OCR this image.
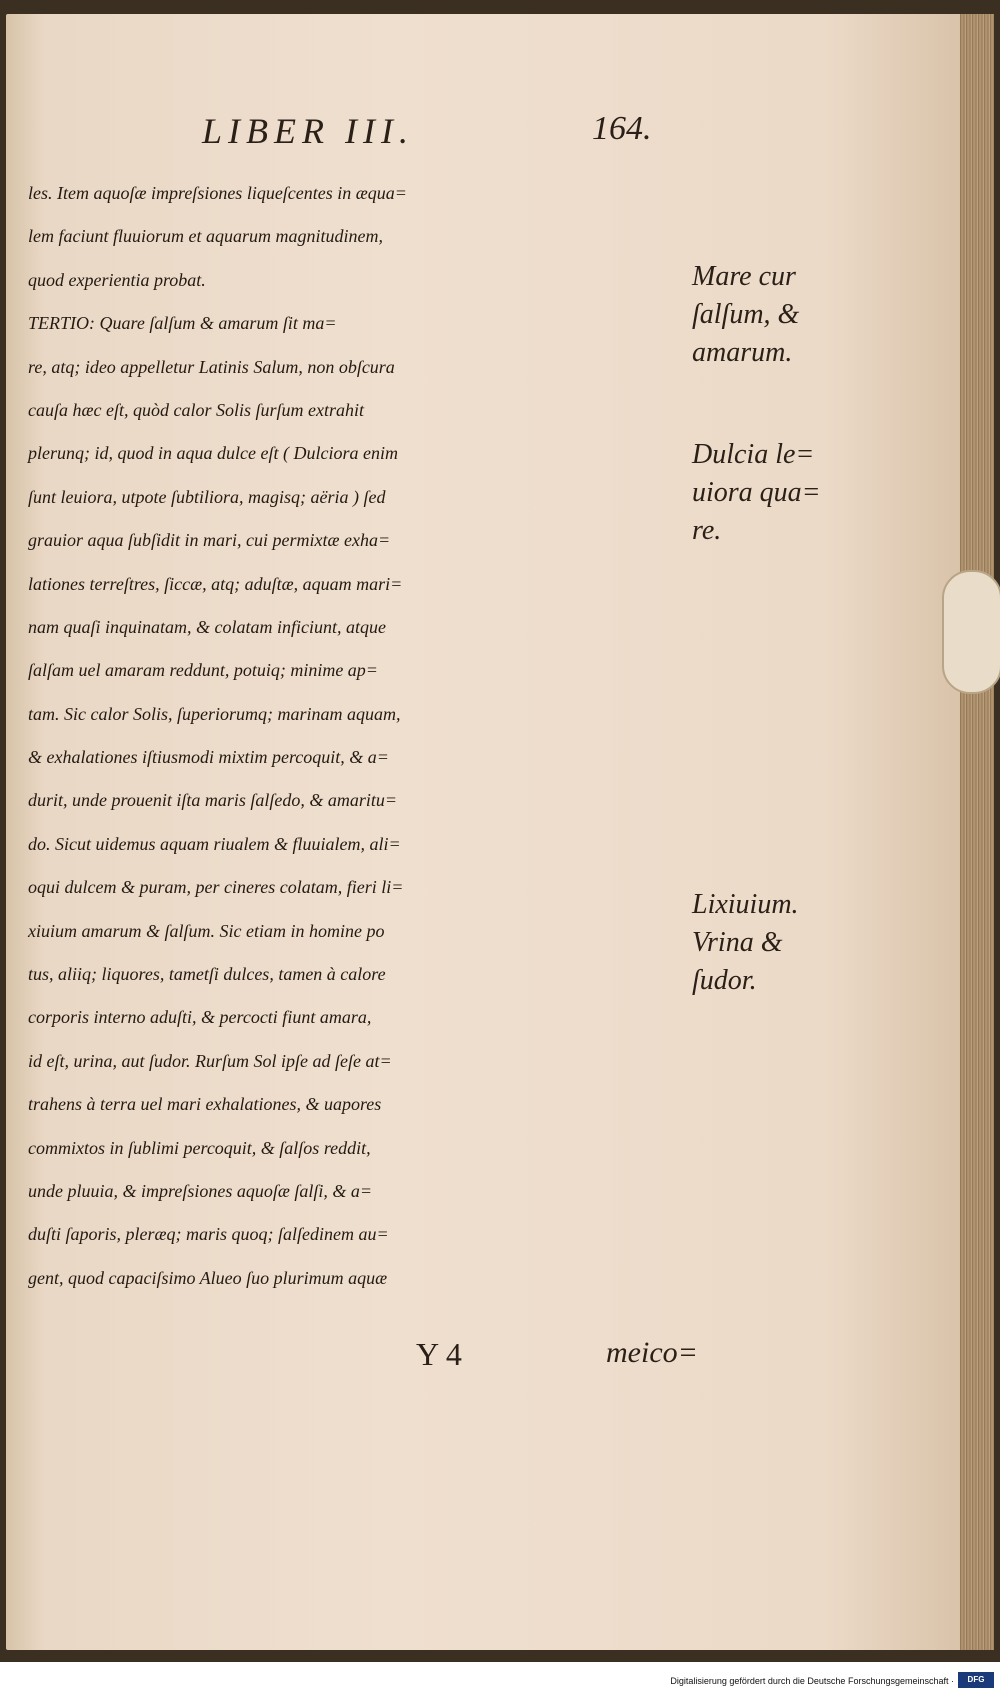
LIBER III.	164.
les. Item aquoſæ impreſsiones liqueſcentes in æqua=
lem faciunt fluuiorum et aquarum magnitudinem,
quod experientia probat.
TERTIO: Quare ſalſum & amarum ſit ma=
re, atq; ideo appelletur Latinis Salum, non obſcura
cauſa hæc eſt, quòd calor Solis ſurſum extrahit
plerunq; id, quod in aqua dulce eſt ( Dulciora enim
ſunt leuiora, utpote ſubtiliora, magisq; aëria ) ſed
grauior aqua ſubſidit in mari, cui permixtæ exha=
lationes terreſtres, ſiccæ, atq; aduſtæ, aquam mari=
nam quaſi inquinatam, & colatam inficiunt, atque
ſalſam uel amaram reddunt, potuiq; minime ap=
tam. Sic calor Solis, ſuperiorumq; marinam aquam,
& exhalationes iſtiusmodi mixtim percoquit, & a=
durit, unde prouenit iſta maris ſalſedo, & amaritu=
do. Sicut uidemus aquam riualem & fluuialem, ali=
oqui dulcem & puram, per cineres colatam, fieri li=
xiuium amarum & ſalſum. Sic etiam in homine po
tus, aliiq; liquores, tametſi dulces, tamen à calore
corporis interno aduſti, & percocti fiunt amara,
id eſt, urina, aut ſudor. Rurſum Sol ipſe ad ſeſe at=
trahens à terra uel mari exhalationes, & uapores
commixtos in ſublimi percoquit, & ſalſos reddit,
unde pluuia, & impreſsiones aquoſæ ſalſi, & a=
duſti ſaporis, pleræq; maris quoq; ſalſedinem au=
gent, quod capaciſsimo Alueo ſuo plurimum aquæ
Mare cur
ſalſum, &
amarum.
Dulcia le=
uiora qua=
re.
Lixiuium.
Vrina &
ſudor.
Y 4	meico=
Digitalisierung gefördert durch die Deutsche Forschungsgemeinschaft ·	DFG
